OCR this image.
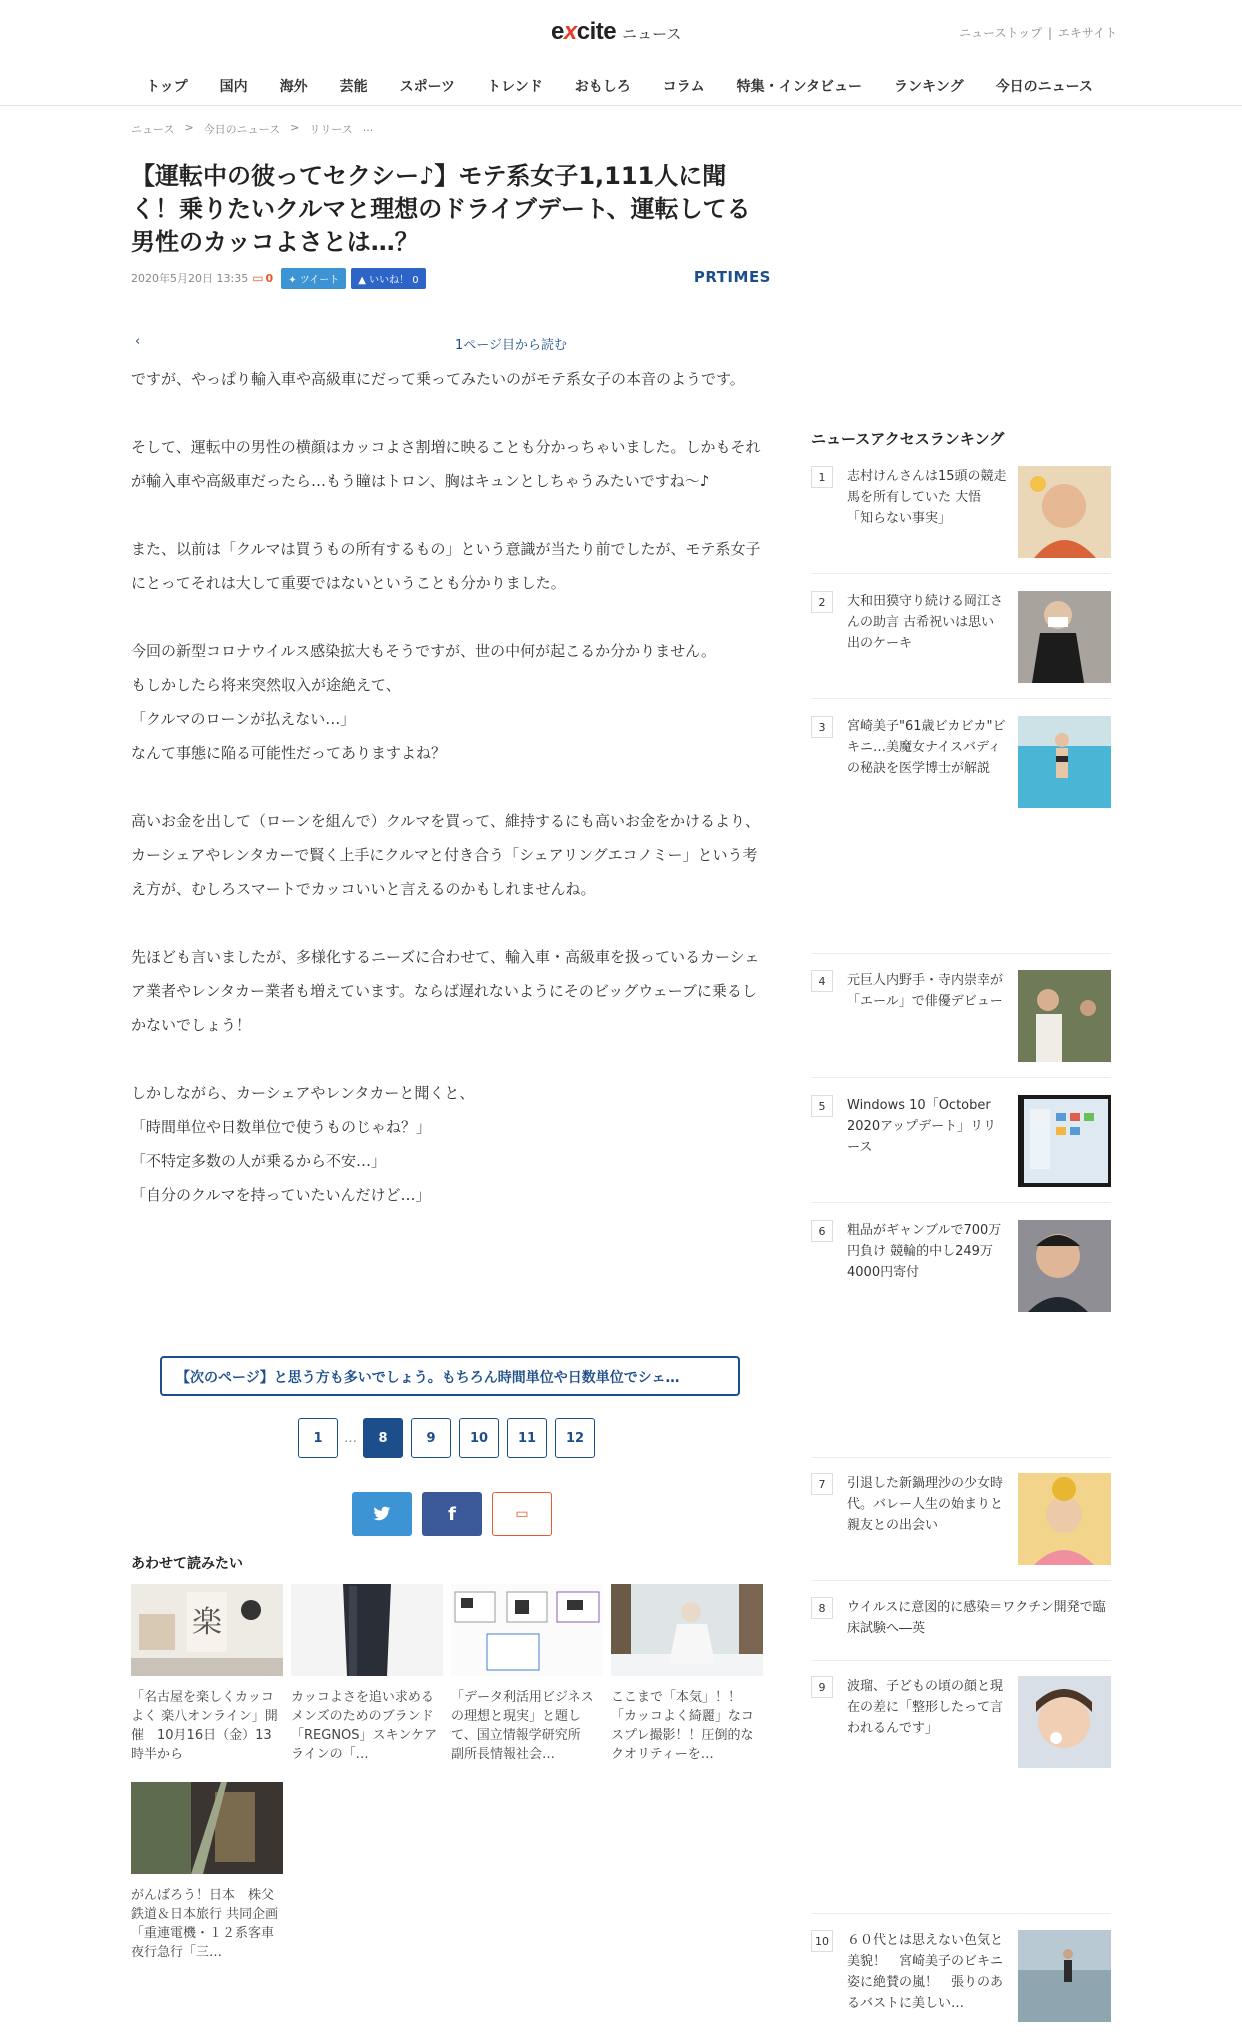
excite ニュース	ニューストップ | エキサイト
トップ	国内	海外	芸能	スポーツ	トレンド	おもしろ	コラム	特集・インタビュー	ランキング	今日のニュース
ニュース > 今日のニュース > リリース ...
【運転中の彼ってセクシー♪】モテ系女子1,111人に聞く！乗りたいクルマと理想のドライブデート、運転してる男性のカッコよさとは…？
2020年5月20日 13:35 ▭ 0	✦ ツイート	▲ いいね！ 0	PRTIMES
‹	1ページ目から読む

ですが、やっぱり輸入車や高級車にだって乗ってみたいのがモテ系女子の本音のようです。

そして、運転中の男性の横顔はカッコよさ割増に映ることも分かっちゃいました。しかもそれが輸入車や高級車だったら…もう瞳はトロン、胸はキュンとしちゃうみたいですね～♪

また、以前は「クルマは買うもの所有するもの」という意識が当たり前でしたが、モテ系女子にとってそれは大して重要ではないということも分かりました。

今回の新型コロナウイルス感染拡大もそうですが、世の中何が起こるか分かりません。

もしかしたら将来突然収入が途絶えて、

「クルマのローンが払えない…」

なんて事態に陥る可能性だってありますよね？

高いお金を出して（ローンを組んで）クルマを買って、維持するにも高いお金をかけるより、カーシェアやレンタカーで賢く上手にクルマと付き合う「シェアリングエコノミー」という考え方が、むしろスマートでカッコいいと言えるのかもしれませんね。

先ほども言いましたが、多様化するニーズに合わせて、輸入車・高級車を扱っているカーシェア業者やレンタカー業者も増えています。ならば遅れないようにそのビッグウェーブに乗るしかないでしょう！

しかしながら、カーシェアやレンタカーと聞くと、

「時間単位や日数単位で使うものじゃね？」

「不特定多数の人が乗るから不安…」

「自分のクルマを持っていたいんだけど…」

【次のページ】と思う方も多いでしょう。もちろん時間単位や日数単位でシェ…
1	…	8	9	10	11	12
f	▭
あわせて読みたい
楽
「名古屋を楽しくカッコよく 楽八オンライン」開催　10月16日（金）13時半から
カッコよさを追い求めるメンズのためのブランド「REGNOS」スキンケアラインの「…
「データ利活用ビジネスの理想と現実」と題して、国立情報学研究所　副所長情報社会…
ここまで「本気」！！「カッコよく綺麗」なコスプレ撮影！！圧倒的なクオリティーを…
がんばろう！日本　株父鉄道＆日本旅行 共同企画「重連電機・１２系客車 夜行急行「三…
ニュースアクセスランキング
1	志村けんさんは15頭の競走馬を所有していた 大悟「知らない事実」
2	大和田獏守り続ける岡江さんの助言 古希祝いは思い出のケーキ
3	宮崎美子"61歳ビカビカ"ビキニ…美魔女ナイスバディの秘訣を医学博士が解説
4	元巨人内野手・寺内崇幸が「エール」で俳優デビュー
5	Windows 10「October 2020アップデート」リリース
6	粗品がギャンブルで700万円負け 競輪的中し249万4000円寄付
7	引退した新鍋理沙の少女時代。バレー人生の始まりと親友との出会い
8	ウイルスに意図的に感染＝ワクチン開発で臨床試験へ―英
9	波瑠、子どもの頃の顔と現在の差に「整形したって言われるんです」
10	６０代とは思えない色気と美貌！　宮崎美子のビキニ姿に絶賛の嵐！　張りのあるバストに美しい…
